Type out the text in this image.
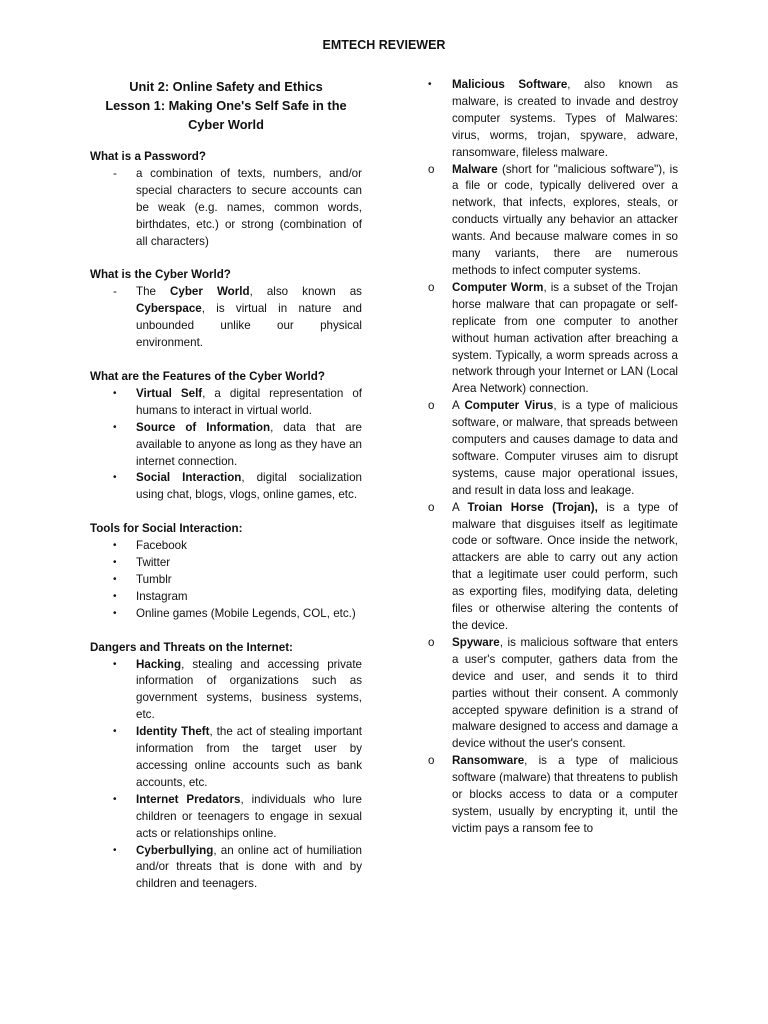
EMTECH REVIEWER
Unit 2: Online Safety and Ethics
Lesson 1: Making One's Self Safe in the
Cyber World
What is a Password?
-	a combination of texts, numbers, and/or special characters to secure accounts can be weak (e.g. names, common words, birthdates, etc.) or strong (combination of all characters)
What is the Cyber World?
-	The Cyber World, also known as Cyberspace, is virtual in nature and unbounded unlike our physical environment.
What are the Features of the Cyber World?
•	Virtual Self, a digital representation of humans to interact in virtual world.
•	Source of Information, data that are available to anyone as long as they have an internet connection.
•	Social Interaction, digital socialization using chat, blogs, vlogs, online games, etc.
Tools for Social Interaction:
•	Facebook
•	Twitter
•	Tumblr
•	Instagram
•	Online games (Mobile Legends, COL, etc.)
Dangers and Threats on the Internet:
•	Hacking, stealing and accessing private information of organizations such as government systems, business systems, etc.
•	Identity Theft, the act of stealing important information from the target user by accessing online accounts such as bank accounts, etc.
•	Internet Predators, individuals who lure children or teenagers to engage in sexual acts or relationships online.
•	Cyberbullying, an online act of humiliation and/or threats that is done with and by children and teenagers.
•	Malicious Software, also known as malware, is created to invade and destroy computer systems. Types of Malwares: virus, worms, trojan, spyware, adware, ransomware, fileless malware.
o	Malware (short for "malicious software"), is a file or code, typically delivered over a network, that infects, explores, steals, or conducts virtually any behavior an attacker wants. And because malware comes in so many variants, there are numerous methods to infect computer systems.
o	Computer Worm, is a subset of the Trojan horse malware that can propagate or self-replicate from one computer to another without human activation after breaching a system. Typically, a worm spreads across a network through your Internet or LAN (Local Area Network) connection.
o	A Computer Virus, is a type of malicious software, or malware, that spreads between computers and causes damage to data and software. Computer viruses aim to disrupt systems, cause major operational issues, and result in data loss and leakage.
o	A Troian Horse (Trojan), is a type of malware that disguises itself as legitimate code or software. Once inside the network, attackers are able to carry out any action that a legitimate user could perform, such as exporting files, modifying data, deleting files or otherwise altering the contents of the device.
o	Spyware, is malicious software that enters a user's computer, gathers data from the device and user, and sends it to third parties without their consent. A commonly accepted spyware definition is a strand of malware designed to access and damage a device without the user's consent.
o	Ransomware, is a type of malicious software (malware) that threatens to publish or blocks access to data or a computer system, usually by encrypting it, until the victim pays a ransom fee to
